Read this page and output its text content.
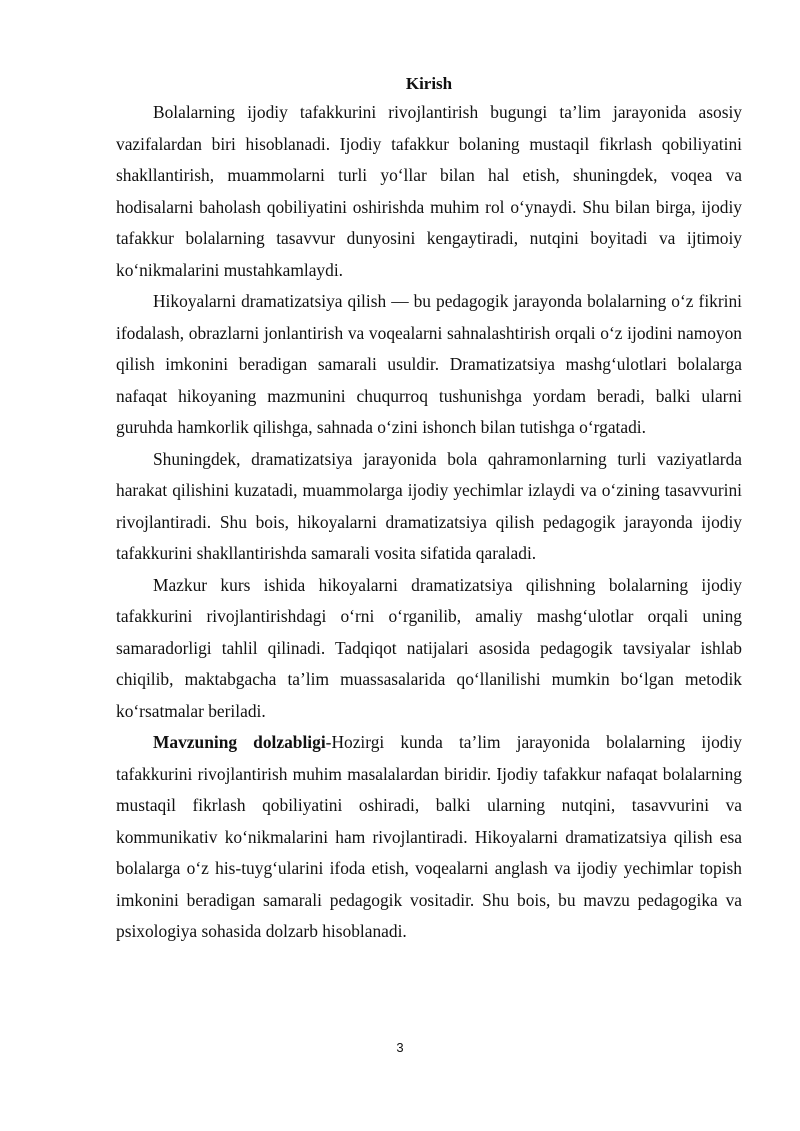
Kirish

Bolalarning ijodiy tafakkurini rivojlantirish bugungi ta’lim jarayonida asosiy vazifalardan biri hisoblanadi. Ijodiy tafakkur bolaning mustaqil fikrlash qobiliyatini shakllantirish, muammolarni turli yo‘llar bilan hal etish, shuningdek, voqea va hodisalarni baholash qobiliyatini oshirishda muhim rol o‘ynaydi. Shu bilan birga, ijodiy tafakkur bolalarning tasavvur dunyosini kengaytiradi, nutqini boyitadi va ijtimoiy ko‘nikmalarini mustahkamlaydi.

Hikoyalarni dramatizatsiya qilish — bu pedagogik jarayonda bolalarning o‘z fikrini ifodalash, obrazlarni jonlantirish va voqealarni sahnalashtirish orqali o‘z ijodini namoyon qilish imkonini beradigan samarali usuldir. Dramatizatsiya mashg‘ulotlari bolalarga nafaqat hikoyaning mazmunini chuqurroq tushunishga yordam beradi, balki ularni guruhda hamkorlik qilishga, sahnada o‘zini ishonch bilan tutishga o‘rgatadi.

Shuningdek, dramatizatsiya jarayonida bola qahramonlarning turli vaziyatlarda harakat qilishini kuzatadi, muammolarga ijodiy yechimlar izlaydi va o‘zining tasavvurini rivojlantiradi. Shu bois, hikoyalarni dramatizatsiya qilish pedagogik jarayonda ijodiy tafakkurini shakllantirishda samarali vosita sifatida qaraladi.

Mazkur kurs ishida hikoyalarni dramatizatsiya qilishning bolalarning ijodiy tafakkurini rivojlantirishdagi o‘rni o‘rganilib, amaliy mashg‘ulotlar orqali uning samaradorligi tahlil qilinadi. Tadqiqot natijalari asosida pedagogik tavsiyalar ishlab chiqilib, maktabgacha ta’lim muassasalarida qo‘llanilishi mumkin bo‘lgan metodik ko‘rsatmalar beriladi.

Mavzuning dolzabligi-Hozirgi kunda ta’lim jarayonida bolalarning ijodiy tafakkurini rivojlantirish muhim masalalardan biridir. Ijodiy tafakkur nafaqat bolalarning mustaqil fikrlash qobiliyatini oshiradi, balki ularning nutqini, tasavvurini va kommunikativ ko‘nikmalarini ham rivojlantiradi. Hikoyalarni dramatizatsiya qilish esa bolalarga o‘z his-tuyg‘ularini ifoda etish, voqealarni anglash va ijodiy yechimlar topish imkonini beradigan samarali pedagogik vositadir. Shu bois, bu mavzu pedagogika va psixologiya sohasida dolzarb hisoblanadi.

3
